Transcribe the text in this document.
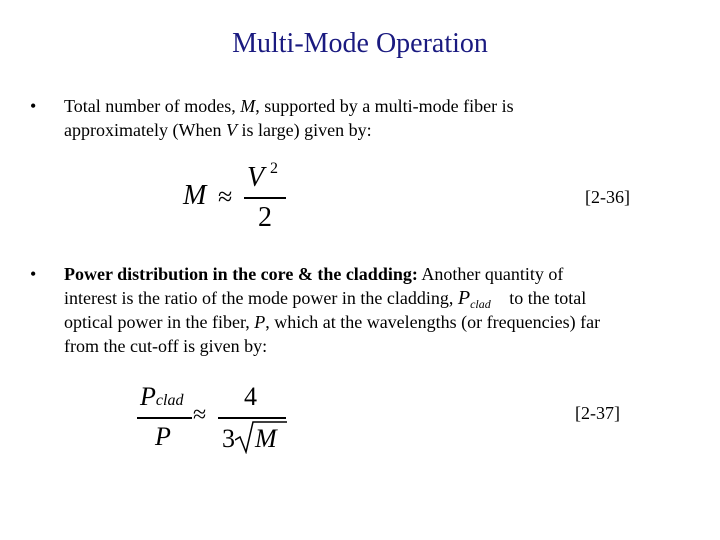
Multi-Mode Operation
• Total number of modes, M, supported by a multi-mode fiber is
approximately (When V is large) given by:
M ≈
V 2
2
[2-36]
• Power distribution in the core & the cladding: Another quantity of
interest is the ratio of the mode power in the cladding, $P_{clad}$ to the total
optical power in the fiber, P, which at the wavelengths (or frequencies) far
from the cut-off is given by:
Pclad
P
≈
4
3 M
[2-37]
